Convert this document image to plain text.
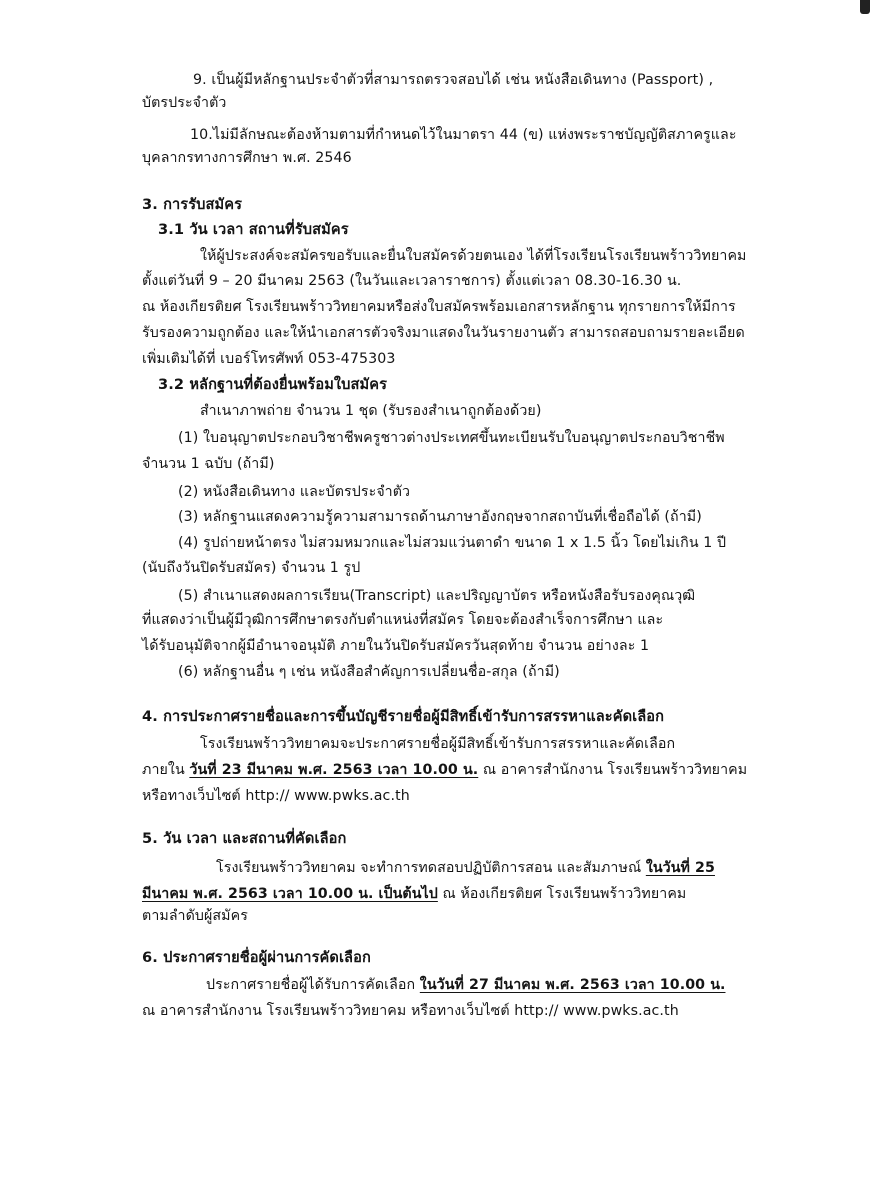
9. เป็นผู้มีหลักฐานประจำตัวที่สามารถตรวจสอบได้ เช่น หนังสือเดินทาง (Passport) ,
บัตรประจำตัว
10.ไม่มีลักษณะต้องห้ามตามที่กำหนดไว้ในมาตรา 44 (ข) แห่งพระราชบัญญัติสภาครูและ
บุคลากรทางการศึกษา พ.ศ. 2546
3. การรับสมัคร
3.1 วัน เวลา สถานที่รับสมัคร
ให้ผู้ประสงค์จะสมัครขอรับและยื่นใบสมัครด้วยตนเอง ได้ที่โรงเรียนโรงเรียนพร้าววิทยาคม
ตั้งแต่วันที่ 9 – 20 มีนาคม 2563 (ในวันและเวลาราชการ) ตั้งแต่เวลา 08.30-16.30 น.
ณ ห้องเกียรติยศ โรงเรียนพร้าววิทยาคมหรือส่งใบสมัครพร้อมเอกสารหลักฐาน ทุกรายการให้มีการ
รับรองความถูกต้อง และให้นำเอกสารตัวจริงมาแสดงในวันรายงานตัว สามารถสอบถามรายละเอียด
เพิ่มเติมได้ที่ เบอร์โทรศัพท์ 053-475303
3.2 หลักฐานที่ต้องยื่นพร้อมใบสมัคร
สำเนาภาพถ่าย จำนวน 1 ชุด (รับรองสำเนาถูกต้องด้วย)
(1) ใบอนุญาตประกอบวิชาชีพครูชาวต่างประเทศขึ้นทะเบียนรับใบอนุญาตประกอบวิชาชีพ
จำนวน 1 ฉบับ (ถ้ามี)
(2) หนังสือเดินทาง และบัตรประจำตัว
(3) หลักฐานแสดงความรู้ความสามารถด้านภาษาอังกฤษจากสถาบันที่เชื่อถือได้ (ถ้ามี)
(4) รูปถ่ายหน้าตรง ไม่สวมหมวกและไม่สวมแว่นตาดำ ขนาด 1 x 1.5 นิ้ว โดยไม่เกิน 1 ปี
(นับถึงวันปิดรับสมัคร) จำนวน 1 รูป
(5) สำเนาแสดงผลการเรียน(Transcript) และปริญญาบัตร หรือหนังสือรับรองคุณวุฒิ
ที่แสดงว่าเป็นผู้มีวุฒิการศึกษาตรงกับตำแหน่งที่สมัคร โดยจะต้องสำเร็จการศึกษา และ
ได้รับอนุมัติจากผู้มีอำนาจอนุมัติ ภายในวันปิดรับสมัครวันสุดท้าย จำนวน อย่างละ 1
(6) หลักฐานอื่น ๆ เช่น หนังสือสำคัญการเปลี่ยนชื่อ-สกุล (ถ้ามี)
4. การประกาศรายชื่อและการขึ้นบัญชีรายชื่อผู้มีสิทธิ์เข้ารับการสรรหาและคัดเลือก
โรงเรียนพร้าววิทยาคมจะประกาศรายชื่อผู้มีสิทธิ์เข้ารับการสรรหาและคัดเลือก
ภายใน วันที่ 23 มีนาคม พ.ศ. 2563 เวลา 10.00 น. ณ อาคารสำนักงาน โรงเรียนพร้าววิทยาคม
หรือทางเว็บไซต์ http:// www.pwks.ac.th
5. วัน เวลา และสถานที่คัดเลือก
โรงเรียนพร้าววิทยาคม จะทำการทดสอบปฏิบัติการสอน และสัมภาษณ์ ในวันที่ 25
มีนาคม พ.ศ. 2563 เวลา 10.00 น. เป็นต้นไป ณ ห้องเกียรติยศ โรงเรียนพร้าววิทยาคม
ตามลำดับผู้สมัคร
6. ประกาศรายชื่อผู้ผ่านการคัดเลือก
ประกาศรายชื่อผู้ได้รับการคัดเลือก ในวันที่ 27 มีนาคม พ.ศ. 2563 เวลา 10.00 น.
ณ อาคารสำนักงาน โรงเรียนพร้าววิทยาคม หรือทางเว็บไซต์ http:// www.pwks.ac.th
